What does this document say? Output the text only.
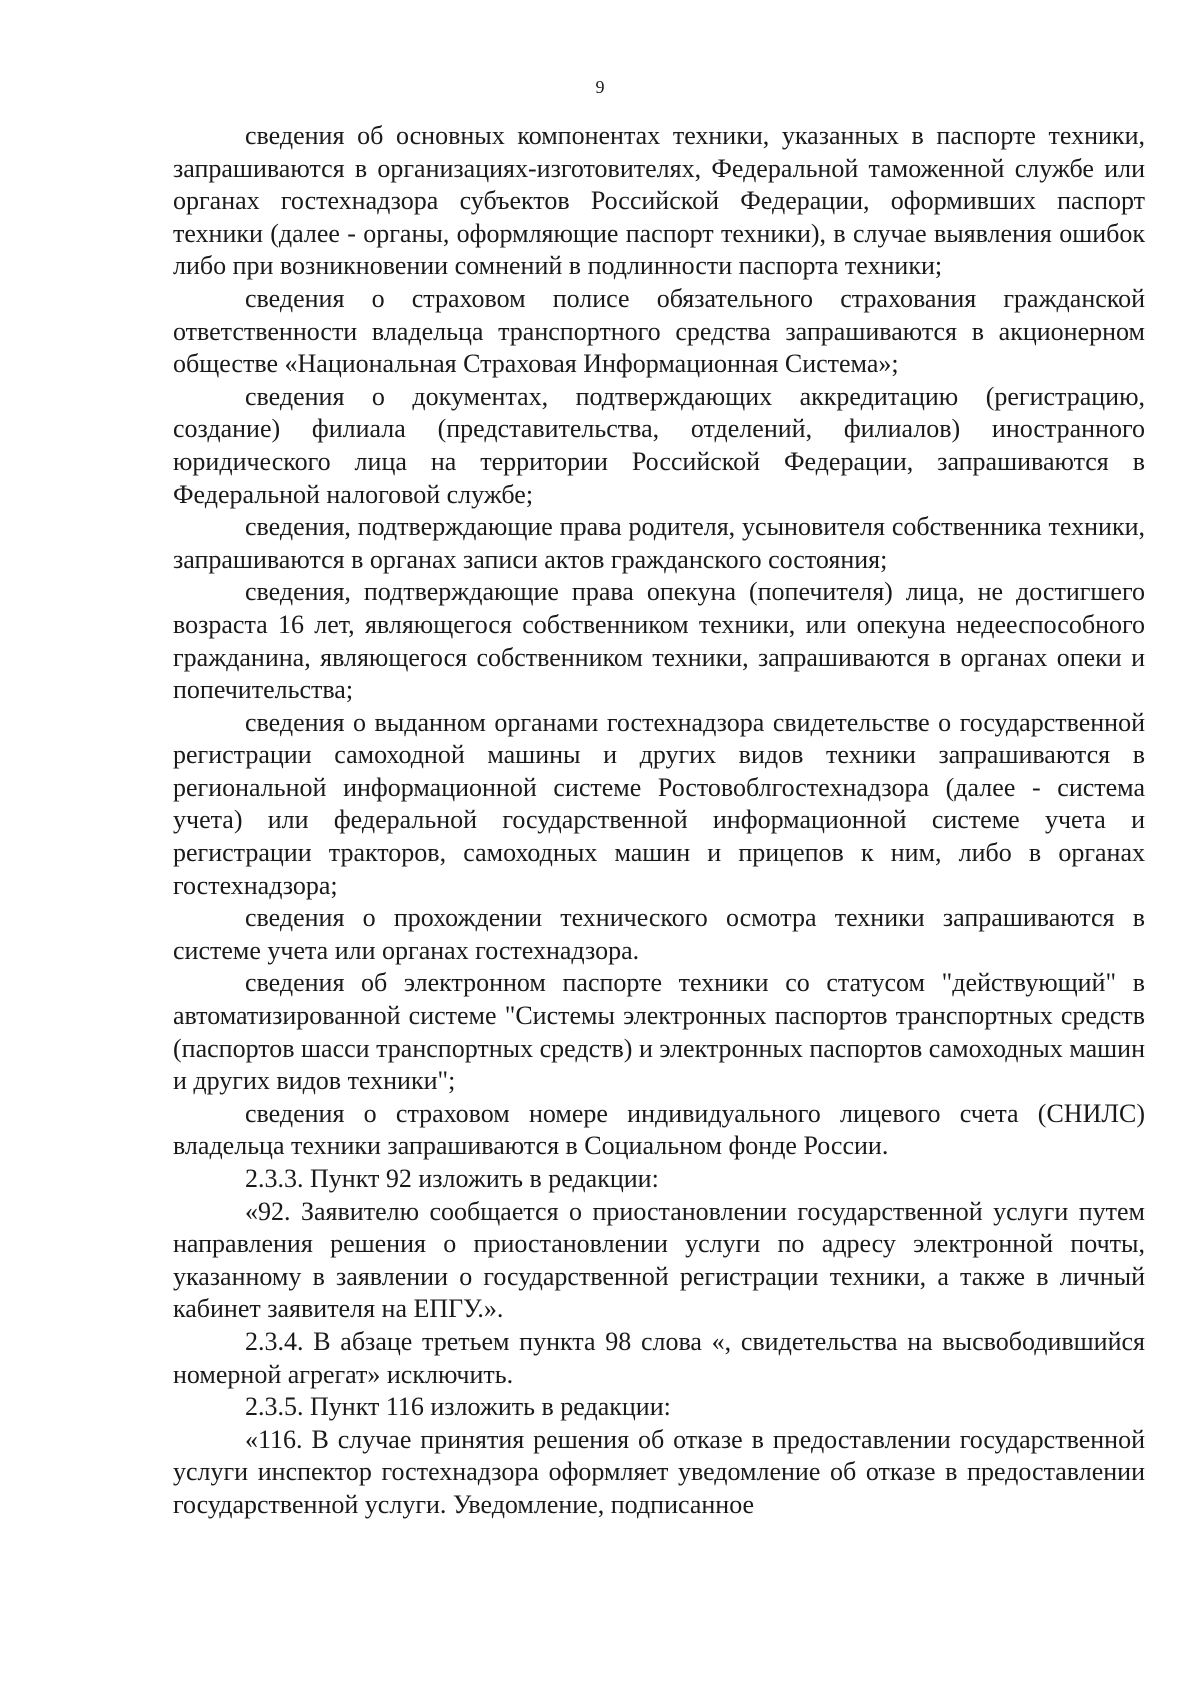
9

сведения об основных компонентах техники, указанных в паспорте техники, запрашиваются в организациях-изготовителях, Федеральной таможенной службе или органах гостехнадзора субъектов Российской Федерации, оформивших паспорт техники (далее - органы, оформляющие паспорт техники), в случае выявления ошибок либо при возникновении сомнений в подлинности паспорта техники;

сведения о страховом полисе обязательного страхования гражданской ответственности владельца транспортного средства запрашиваются в акционерном обществе «Национальная Страховая Информационная Система»;

сведения о документах, подтверждающих аккредитацию (регистрацию, создание) филиала (представительства, отделений, филиалов) иностранного юридического лица на территории Российской Федерации, запрашиваются в Федеральной налоговой службе;

сведения, подтверждающие права родителя, усыновителя собственника техники, запрашиваются в органах записи актов гражданского состояния;

сведения, подтверждающие права опекуна (попечителя) лица, не достигшего возраста 16 лет, являющегося собственником техники, или опекуна недееспособного гражданина, являющегося собственником техники, запрашиваются в органах опеки и попечительства;

сведения о выданном органами гостехнадзора свидетельстве о государственной регистрации самоходной машины и других видов техники запрашиваются в региональной информационной системе Ростовоблгостехнадзора (далее - система учета) или федеральной государственной информационной системе учета и регистрации тракторов, самоходных машин и прицепов к ним, либо в органах гостехнадзора;

сведения о прохождении технического осмотра техники запрашиваются в системе учета или органах гостехнадзора.

сведения об электронном паспорте техники со статусом "действующий" в автоматизированной системе "Системы электронных паспортов транспортных средств (паспортов шасси транспортных средств) и электронных паспортов самоходных машин и других видов техники";

сведения о страховом номере индивидуального лицевого счета (СНИЛС) владельца техники запрашиваются в Социальном фонде России.

2.3.3. Пункт 92 изложить в редакции:

«92. Заявителю сообщается о приостановлении государственной услуги путем направления решения о приостановлении услуги по адресу электронной почты, указанному в заявлении о государственной регистрации техники, а также в личный кабинет заявителя на ЕПГУ.».

2.3.4. В абзаце третьем пункта 98 слова «, свидетельства на высвободившийся номерной агрегат» исключить.

2.3.5. Пункт 116 изложить в редакции:

«116. В случае принятия решения об отказе в предоставлении государственной услуги инспектор гостехнадзора оформляет уведомление об отказе в предоставлении государственной услуги. Уведомление, подписанное
